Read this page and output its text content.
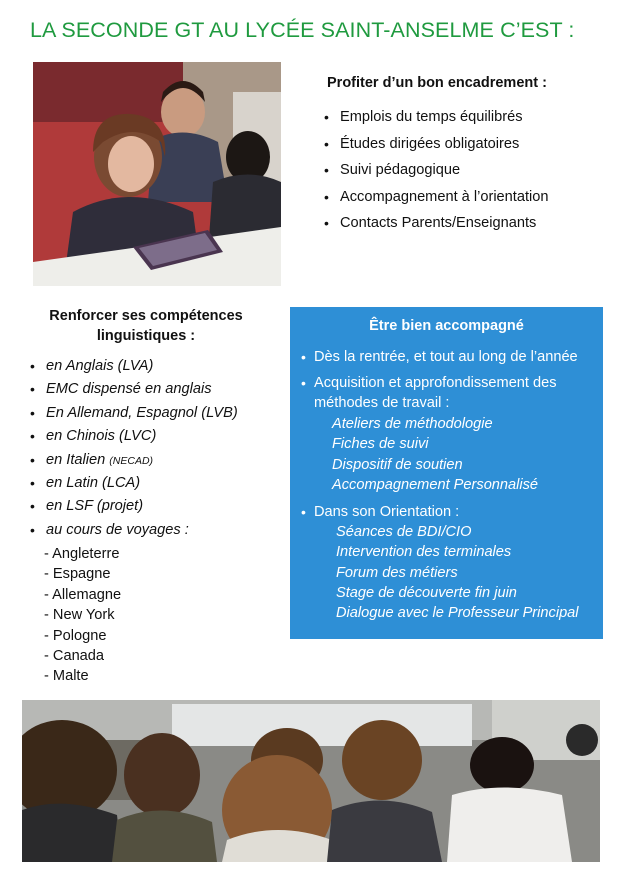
LA SECONDE GT AU LYCÉE SAINT-ANSELME C’EST :
Profiter d’un bon encadrement :
• Emplois du temps équilibrés
• Études dirigées obligatoires
• Suivi pédagogique
• Accompagnement à l’orientation
• Contacts Parents/Enseignants
Renforcer ses compétences
linguistiques :
• en Anglais (LVA)
• EMC dispensé en anglais
• En Allemand, Espagnol (LVB)
• en Chinois (LVC)
• en Italien (NECAD)
• en Latin (LCA)
• en LSF (projet)
• au cours de voyages :
- Angleterre
- Espagne
- Allemagne
- New York
- Pologne
- Canada
- Malte
Être bien accompagné
• Dès la rentrée, et tout au long de l’année
• Acquisition et approfondissement des
méthodes de travail :
Ateliers de méthodologie
Fiches de suivi
Dispositif de soutien
Accompagnement Personnalisé
• Dans son Orientation :
Séances de BDI/CIO
Intervention des terminales
Forum des métiers
Stage de découverte fin juin
Dialogue avec le Professeur Principal
